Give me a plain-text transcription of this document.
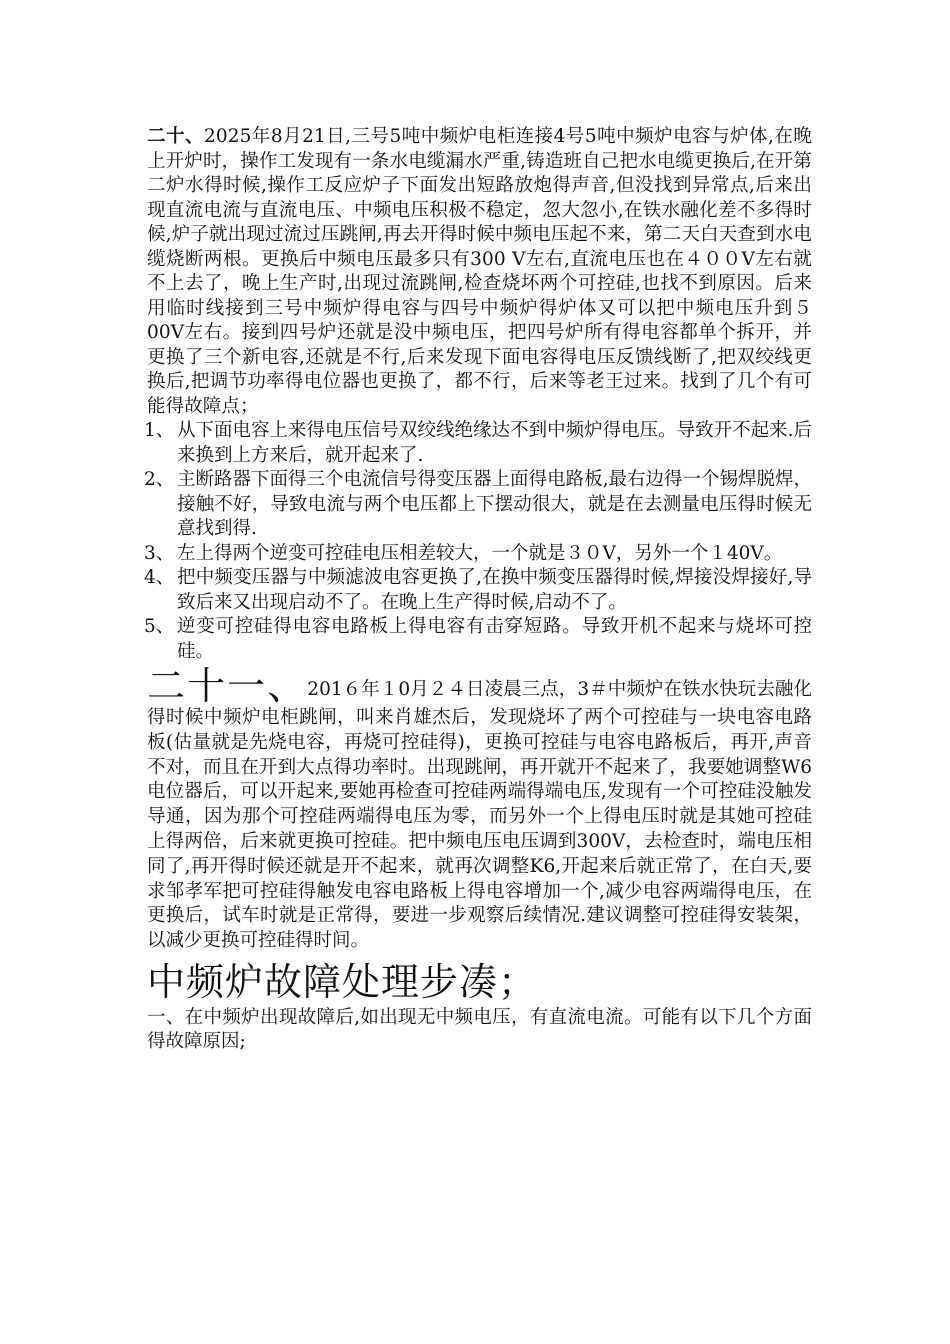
二十、2025年8月21日,三号5吨中频炉电柜连接4号5吨中频炉电容与炉体,在晚上开炉时，操作工发现有一条水电缆漏水严重,铸造班自己把水电缆更换后,在开第二炉水得时候,操作工反应炉子下面发出短路放炮得声音,但没找到异常点,后来出现直流电流与直流电压、中频电压积极不稳定，忽大忽小,在铁水融化差不多得时候,炉子就出现过流过压跳闸,再去开得时候中频电压起不来，第二天白天查到水电缆烧断两根。更换后中频电压最多只有300 V左右,直流电压也在４００V左右就不上去了，晚上生产时,出现过流跳闸,检查烧坏两个可控硅,也找不到原因。后来用临时线接到三号中频炉得电容与四号中频炉得炉体又可以把中频电压升到５00V左右。接到四号炉还就是没中频电压，把四号炉所有得电容都单个拆开，并更换了三个新电容,还就是不行,后来发现下面电容得电压反馈线断了,把双绞线更换后,把调节功率得电位器也更换了，都不行，后来等老王过来。找到了几个有可能得故障点；

1、 从下面电容上来得电压信号双绞线绝缘达不到中频炉得电压。导致开不起来.后来换到上方来后，就开起来了.
2、 主断路器下面得三个电流信号得变压器上面得电路板,最右边得一个锡焊脱焊，接触不好，导致电流与两个电压都上下摆动很大，就是在去测量电压得时候无意找到得.
3、 左上得两个逆变可控硅电压相差较大，一个就是３０V，另外一个１40V。
4、 把中频变压器与中频滤波电容更换了,在换中频变压器得时候,焊接没焊接好,导致后来又出现启动不了。在晚上生产得时候,启动不了。
5、 逆变可控硅得电容电路板上得电容有击穿短路。导致开机不起来与烧坏可控硅。

二十一、201６年１0月２４日凌晨三点，3＃中频炉在铁水快玩去融化得时候中频炉电柜跳闸，叫来肖雄杰后，发现烧坏了两个可控硅与一块电容电路板(估量就是先烧电容，再烧可控硅得)，更换可控硅与电容电路板后，再开,声音不对，而且在开到大点得功率时。出现跳闸，再开就开不起来了，我要她调整W6电位器后，可以开起来,要她再检查可控硅两端得端电压,发现有一个可控硅没触发导通，因为那个可控硅两端得电压为零，而另外一个上得电压时就是其她可控硅上得两倍，后来就更换可控硅。把中频电压电压调到300V，去检查时，端电压相同了,再开得时候还就是开不起来，就再次调整K6,开起来后就正常了，在白天,要求邹孝军把可控硅得触发电容电路板上得电容增加一个,减少电容两端得电压，在更换后，试车时就是正常得，要进一步观察后续情况.建议调整可控硅得安装架，以减少更换可控硅得时间。

中频炉故障处理步凑；

一、在中频炉出现故障后,如出现无中频电压，有直流电流。可能有以下几个方面得故障原因;
